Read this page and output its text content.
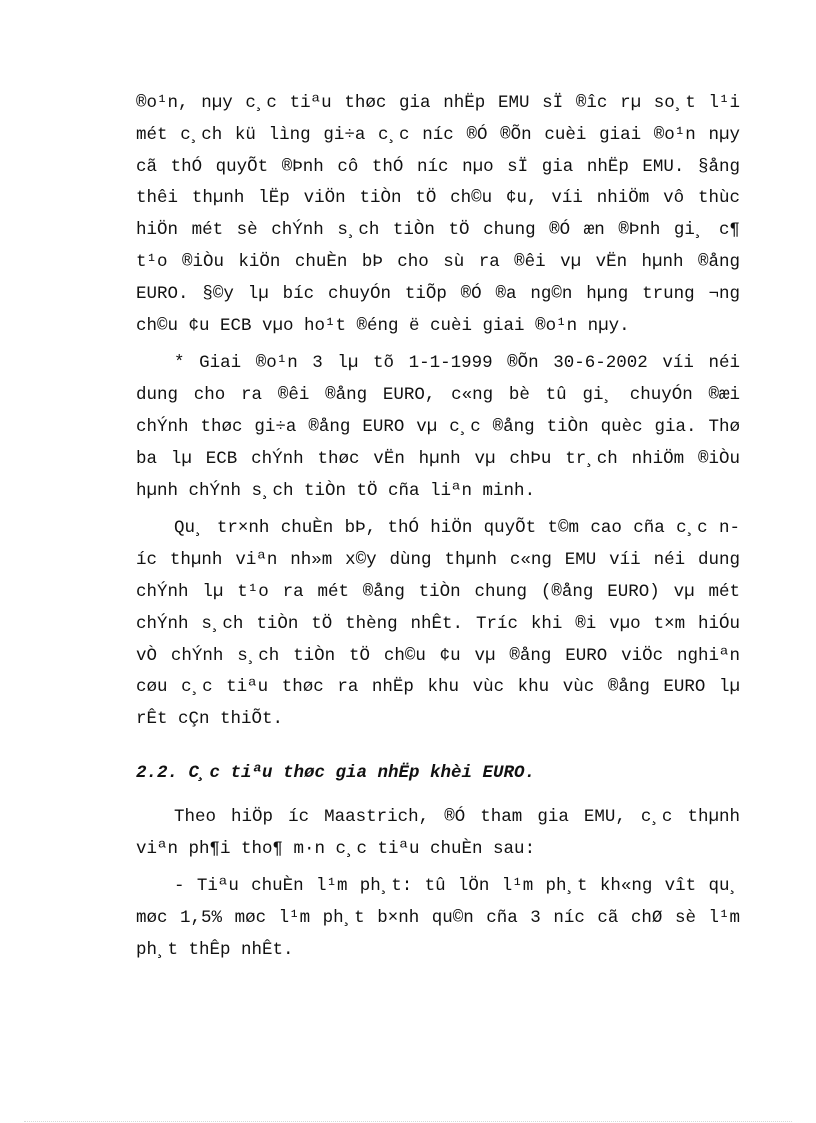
®o¹n, nµy c¸c tiªu thøc gia nhËp EMU sÏ ®îc rµ so¸t l¹i mét c¸ch kü lìng gi÷a c¸c níc ®Ó ®Õn cuèi giai ®o¹n nµy cã thÓ quyÕt ®Þnh cô thÓ níc nµo sÏ gia nhËp EMU. §ång thêi thµnh lËp viÖn tiÒn tÖ ch©u ¢u, víi nhiÖm vô thùc hiÖn mét sè chÝnh s¸ch tiÒn tÖ chung ®Ó æn ®Þnh gi¸ c¶ t¹o ®iÒu kiÖn chuÈn bÞ cho sù ra ®êi vµ vËn hµnh ®ång EURO. §©y lµ bíc chuyÓn tiÕp ®Ó ®a ng©n hµng trung ¬ng ch©u ¢u ECB vµo ho¹t ®éng ë cuèi giai ®o¹n nµy.

* Giai ®o¹n 3 lµ tõ 1-1-1999 ®Õn 30-6-2002 víi néi dung cho ra ®êi ®ång EURO, c«ng bè tû gi¸ chuyÓn ®æi chÝnh thøc gi÷a ®ång EURO vµ c¸c ®ång tiÒn quèc gia. Thø ba lµ ECB chÝnh thøc vËn hµnh vµ chÞu tr¸ch nhiÖm ®iÒu hµnh chÝnh s¸ch tiÒn tÖ cña liªn minh.

Qu¸ tr×nh chuÈn bÞ, thÓ hiÖn quyÕt t©m cao cña c¸c níc thµnh viªn nh»m x©y dùng thµnh c«ng EMU víi néi dung chÝnh lµ t¹o ra mét ®ång tiÒn chung (®ång EURO) vµ mét chÝnh s¸ch tiÒn tÖ thèng nhÊt. Tríc khi ®i vµo t×m hiÓu vÒ chÝnh s¸ch tiÒn tÖ ch©u ¢u vµ ®ång EURO viÖc nghiªn cøu c¸c tiªu thøc ra nhËp khu vùc khu vùc ®ång EURO lµ rÊt cÇn thiÕt.

2.2. C¸c tiªu thøc gia nhËp khèi EURO.

Theo hiÖp íc Maastrich, ®Ó tham gia EMU, c¸c thµnh viªn ph¶i tho¶ m·n c¸c tiªu chuÈn sau:

- Tiªu chuÈn l¹m ph¸t: tû lÖn l¹m ph¸t kh«ng vît qu¸ møc 1,5% møc l¹m ph¸t b×nh qu©n cña 3 níc cã chØ sè l¹m ph¸t thÊp nhÊt.
